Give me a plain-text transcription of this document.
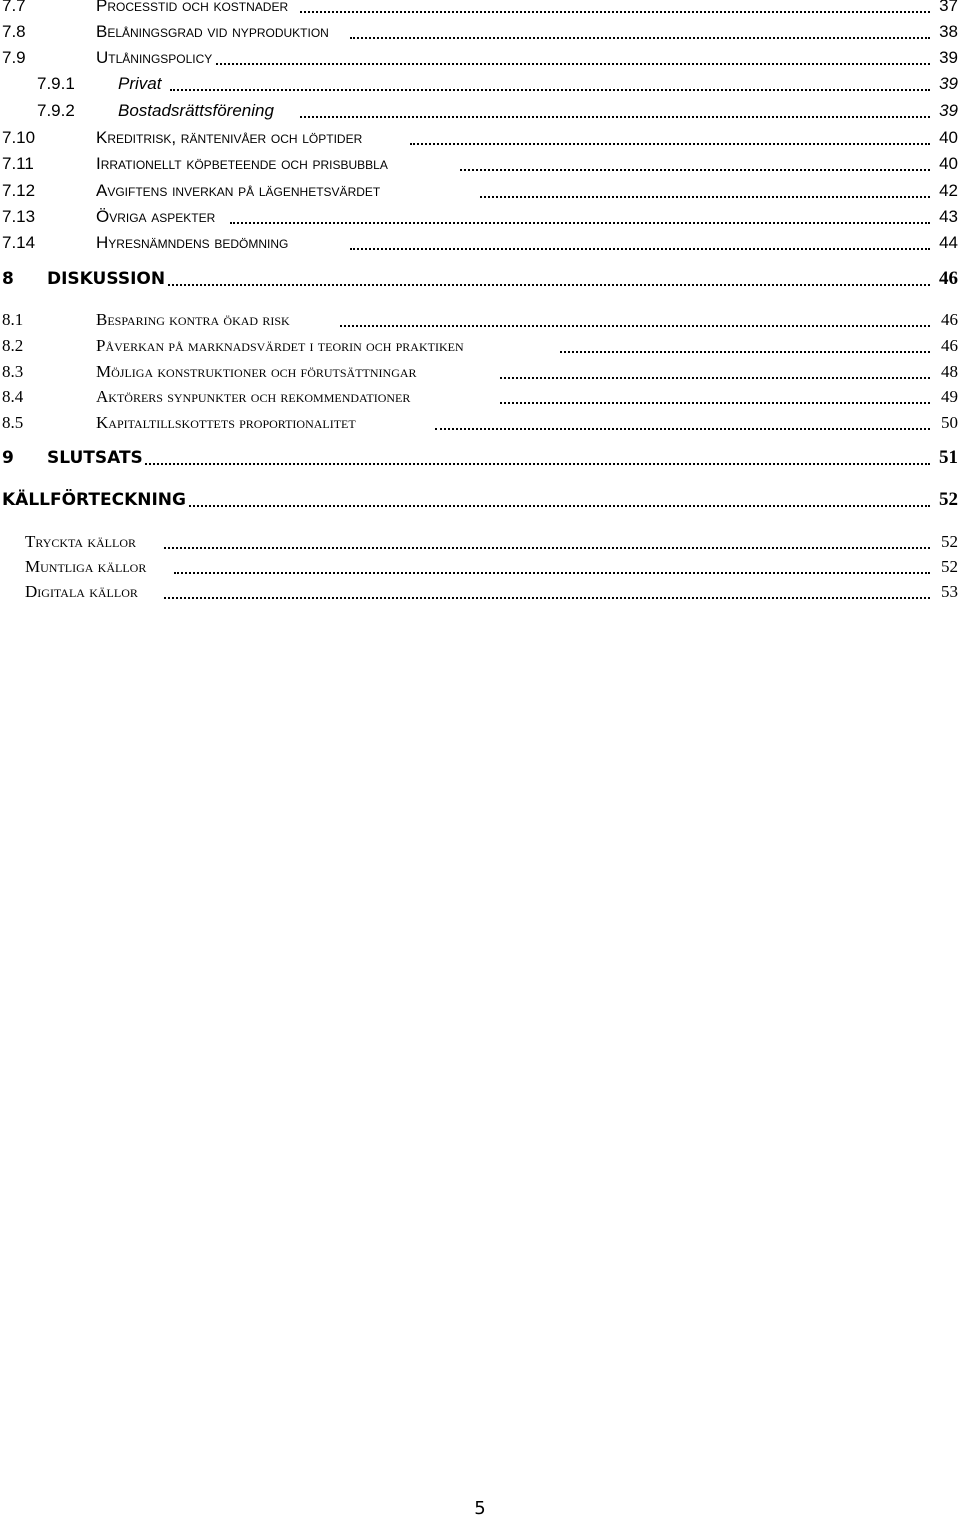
7.7	Processtid och kostnader	37
7.8	Belåningsgrad vid nyproduktion	38
7.9	Utlåningspolicy	39
7.9.1	Privat	39
7.9.2	Bostadsrättsförening	39
7.10	Kreditrisk, räntenivåer och löptider	40
7.11	Irrationellt köpbeteende och prisbubbla	40
7.12	Avgiftens inverkan på lägenhetsvärdet	42
7.13	Övriga aspekter	43
7.14	Hyresnämndens bedömning	44
8 DISKUSSION	46
8.1	Besparing kontra ökad risk	46
8.2	Påverkan på marknadsvärdet i teorin och praktiken	46
8.3	Möjliga konstruktioner och förutsättningar	48
8.4	Aktörers synpunkter och rekommendationer	49
8.5	Kapitaltillskottets proportionalitet	50
9 SLUTSATS	51
KÄLLFÖRTECKNING	52
Tryckta källor	52
Muntliga källor	52
Digitala källor	53
5
